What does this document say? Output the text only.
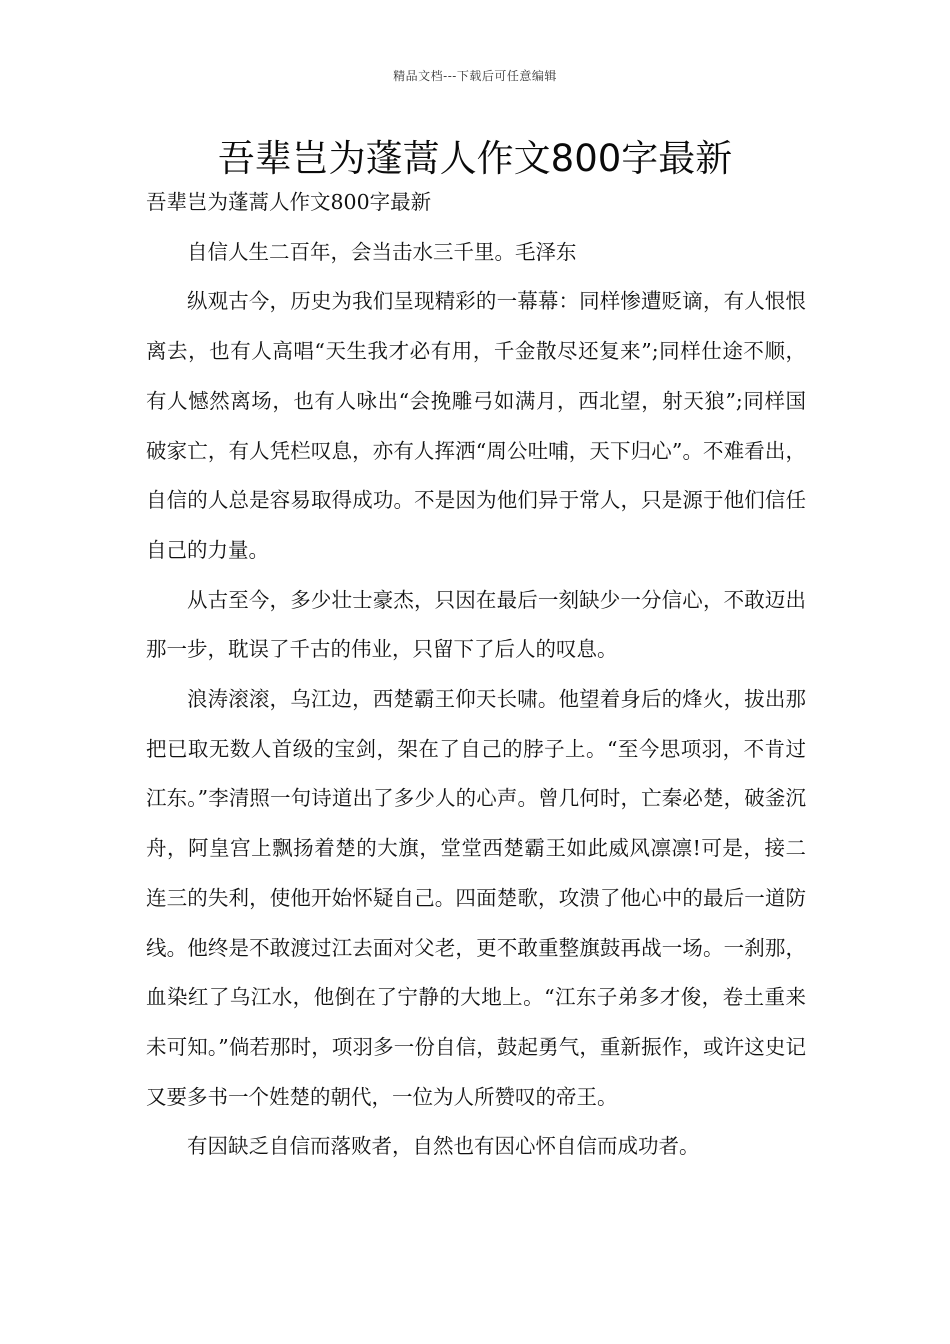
精品文档---下载后可任意编辑
吾辈岂为蓬蒿人作文800字最新

吾辈岂为蓬蒿人作文800字最新

自信人生二百年，会当击水三千里。毛泽东

纵观古今，历史为我们呈现精彩的一幕幕：同样惨遭贬谪，有人恨恨离去，也有人高唱“天生我才必有用，千金散尽还复来”;同样仕途不顺，有人憾然离场，也有人咏出“会挽雕弓如满月，西北望，射天狼”;同样国破家亡，有人凭栏叹息，亦有人挥洒“周公吐哺，天下归心”。不难看出，自信的人总是容易取得成功。不是因为他们异于常人，只是源于他们信任自己的力量。

从古至今，多少壮士豪杰，只因在最后一刻缺少一分信心，不敢迈出那一步，耽误了千古的伟业，只留下了后人的叹息。

浪涛滚滚，乌江边，西楚霸王仰天长啸。他望着身后的烽火，拔出那把已取无数人首级的宝剑，架在了自己的脖子上。“至今思项羽，不肯过江东。”李清照一句诗道出了多少人的心声。曾几何时，亡秦必楚，破釜沉舟，阿皇宫上飘扬着楚的大旗，堂堂西楚霸王如此威风凛凛!可是，接二连三的失利，使他开始怀疑自己。四面楚歌，攻溃了他心中的最后一道防线。他终是不敢渡过江去面对父老，更不敢重整旗鼓再战一场。一刹那，血染红了乌江水，他倒在了宁静的大地上。“江东子弟多才俊，卷土重来未可知。”倘若那时，项羽多一份自信，鼓起勇气，重新振作，或许这史记又要多书一个姓楚的朝代，一位为人所赞叹的帝王。

有因缺乏自信而落败者，自然也有因心怀自信而成功者。
